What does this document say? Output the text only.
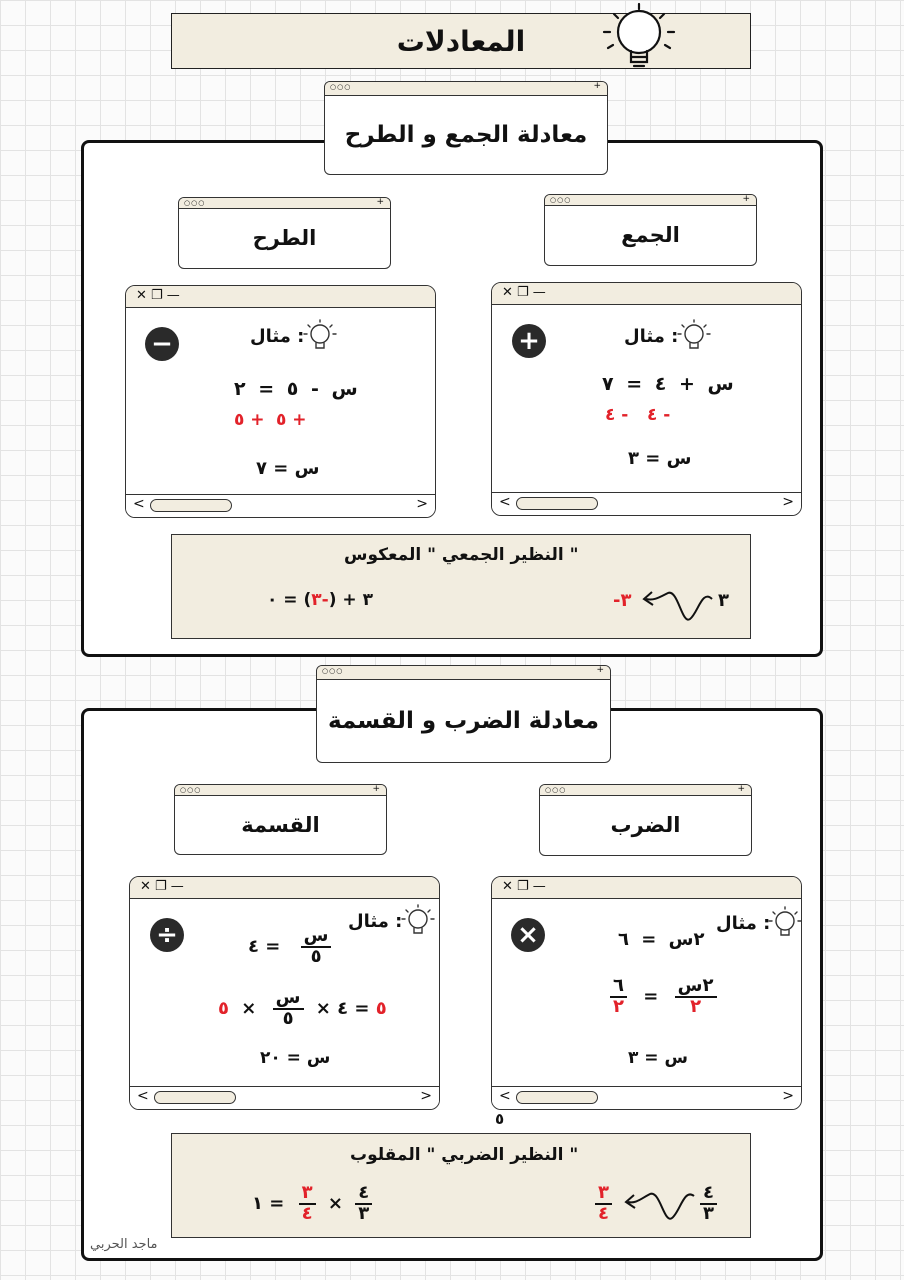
المعادلات
○○○	+
معادلة الجمع و الطرح
○○○	+
الطرح
○○○	+
الجمع
✕ ❐ —
−	مثال :
س - ٥ = ٢
+ ٥
+ ٥
س = ٧
<	>
✕ ❐ —
+	مثال :
س + ٤ = ٧
- ٤
- ٤
س = ٣
<	>
النظير الجمعي " المعكوس "
٣
-٣
٣ + (-٣) = ٠
○○○	+
معادلة الضرب و القسمة
○○○	+
القسمة
○○○	+
الضرب
✕ ❐ —
÷	مثال :
= ٤ $\frac{\text{س}}{٥}$
٥ = ٤ ×
$\frac{\text{س}}{٥}$
× ٥
س = ٢٠
<	>
✕ ❐ —
×	مثال :
٢س = ٦
$\frac{٦}{٢} = \frac{\text{٢س}}{٢}$
س = ٣
<	>
٥
النظير الضربي " المقلوب "
$\frac{٤}{٣}$
$\frac{٣}{٤}$
= ١ $\frac{٣}{٤} \times \frac{٤}{٣}$
ماجد الحربي
